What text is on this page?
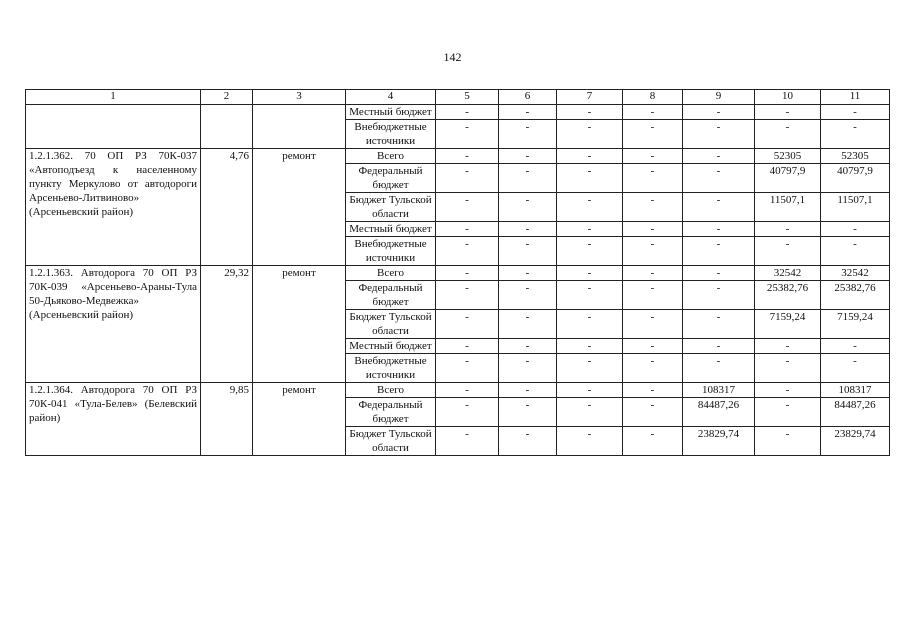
142
1	2	3	4	5	6	7	8	9	10	11
			Местный бюджет	-	-	-	-	-	-	-
			Внебюджетные источники	-	-	-	-	-	-	-
1.2.1.362. 70 ОП РЗ 70К-037 «Автоподъезд к населенному пункту Меркулово от автодороги Арсеньево-Литвиново» (Арсеньевский район)	4,76	ремонт	Всего	-	-	-	-	-	52305	52305
			Федеральный бюджет	-	-	-	-	-	40797,9	40797,9
			Бюджет Тульской области	-	-	-	-	-	11507,1	11507,1
			Местный бюджет	-	-	-	-	-	-	-
			Внебюджетные источники	-	-	-	-	-	-	-
1.2.1.363. Автодорога 70 ОП РЗ 70К-039 «Арсеньево-Араны-Тула 50-Дьяково-Медвежка» (Арсеньевский район)	29,32	ремонт	Всего	-	-	-	-	-	32542	32542
			Федеральный бюджет	-	-	-	-	-	25382,76	25382,76
			Бюджет Тульской области	-	-	-	-	-	7159,24	7159,24
			Местный бюджет	-	-	-	-	-	-	-
			Внебюджетные источники	-	-	-	-	-	-	-
1.2.1.364. Автодорога 70 ОП РЗ 70К-041 «Тула-Белев» (Белевский район)	9,85	ремонт	Всего	-	-	-	-	108317	-	108317
			Федеральный бюджет	-	-	-	-	84487,26	-	84487,26
			Бюджет Тульской области	-	-	-	-	23829,74	-	23829,74
